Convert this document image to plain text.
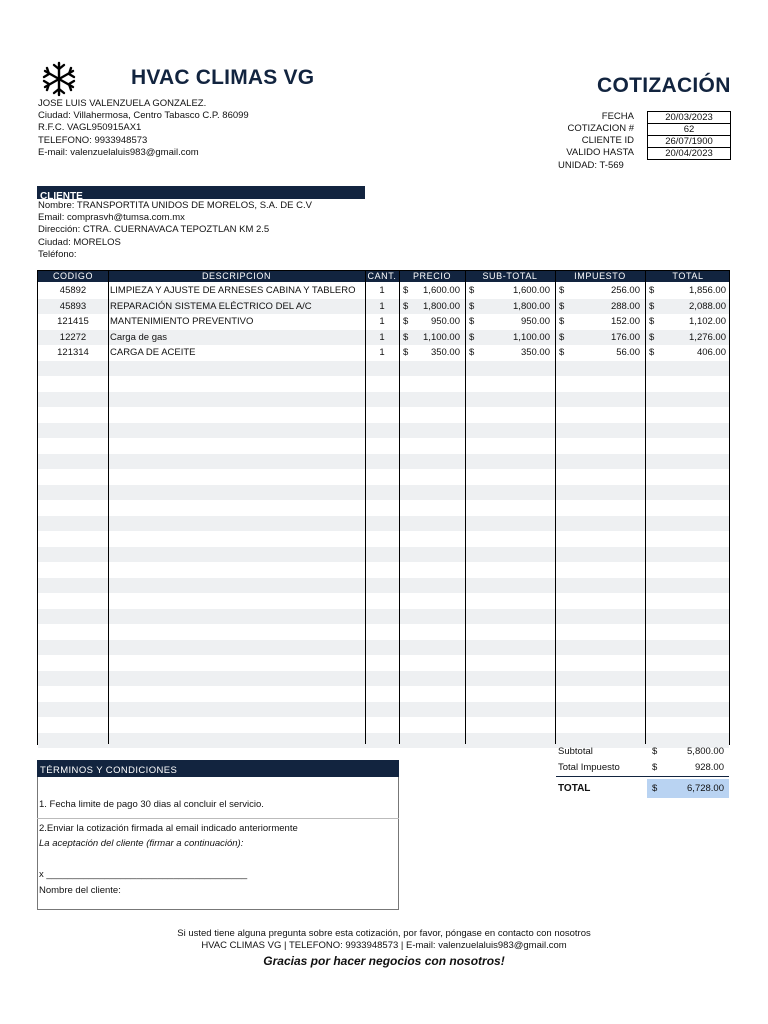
HVAC CLIMAS VG	COTIZACIÓN
JOSE LUIS VALENZUELA GONZALEZ.
Ciudad: Villahermosa, Centro Tabasco C.P. 86099
R.F.C. VAGL950915AX1
TELEFONO: 9933948573
E-mail: valenzuelaluis983@gmail.com
FECHA	20/03/2023
COTIZACION #	62
CLIENTE ID	26/07/1900
VALIDO HASTA	20/04/2023
UNIDAD: T-569
CLIENTE
Nombre: TRANSPORTITA UNIDOS DE MORELOS, S.A. DE C.V
Email: comprasvh@tumsa.com.mx
Dirección: CTRA. CUERNAVACA TEPOZTLAN KM 2.5
Ciudad: MORELOS
Teléfono:
CODIGO	DESCRIPCION	CANT.	PRECIO	SUB-TOTAL	IMPUESTO	TOTAL
45892	LIMPIEZA Y AJUSTE DE ARNESES CABINA Y TABLERO	1	$	1,600.00 $	1,600.00 $	256.00 $	1,856.00
45893	REPARACIÓN SISTEMA ELÉCTRICO DEL A/C	1	$	1,800.00 $	1,800.00 $	288.00 $	2,088.00
121415	MANTENIMIENTO PREVENTIVO	1	$	950.00 $	950.00 $	152.00 $	1,102.00
12272	Carga de gas	1	$	1,100.00 $	1,100.00 $	176.00 $	1,276.00
121314	CARGA DE ACEITE	1	$	350.00 $	350.00 $	56.00 $	406.00
Subtotal	$	5,800.00
Total Impuesto	$	928.00
TOTAL	$	6,728.00
TÉRMINOS Y CONDICIONES
1. Fecha limite de pago 30 dias al concluir el servicio.
2.Enviar la cotización firmada al email indicado anteriormente
La aceptación del cliente (firmar a continuación):
x ______________________________________
Nombre del cliente:
Si usted tiene alguna pregunta sobre esta cotización, por favor, póngase en contacto con nosotros
HVAC CLIMAS VG | TELEFONO: 9933948573 | E-mail: valenzuelaluis983@gmail.com
Gracias por hacer negocios con nosotros!
